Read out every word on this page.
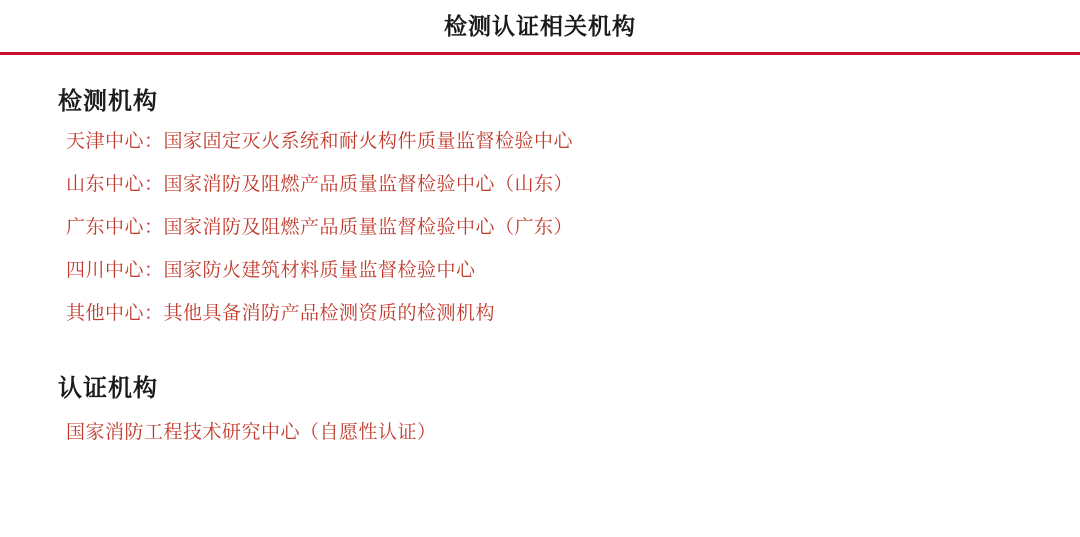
检测认证相关机构
检测机构
天津中心：国家固定灭火系统和耐火构件质量监督检验中心
山东中心：国家消防及阻燃产品质量监督检验中心（山东）
广东中心：国家消防及阻燃产品质量监督检验中心（广东）
四川中心：国家防火建筑材料质量监督检验中心
其他中心：其他具备消防产品检测资质的检测机构
认证机构
国家消防工程技术研究中心（自愿性认证）
